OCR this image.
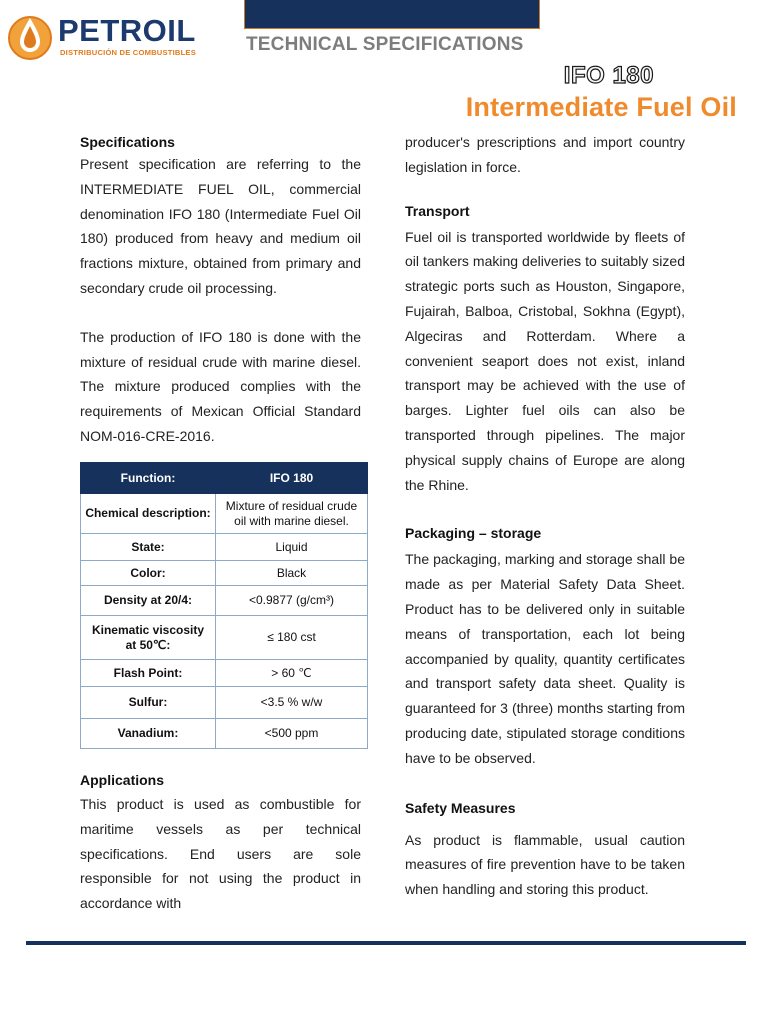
PETROIL
DISTRIBUCIÓN DE COMBUSTIBLES	TECHNICAL SPECIFICATIONS
IFO 180
Intermediate Fuel Oil
Specifications

Present specification are referring to the INTERMEDIATE FUEL OIL, commercial denomination IFO 180 (Intermediate Fuel Oil 180) produced from heavy and medium oil fractions mixture, obtained from primary and secondary crude oil processing.

The production of IFO 180 is done with the mixture of residual crude with marine diesel. The mixture produced complies with the requirements of Mexican Official Standard NOM-016-CRE-2016.

Function:	IFO 180
Chemical description:	Mixture of residual crude oil with marine diesel.
State:	Liquid
Color:	Black
Density at 20/4:	<0.9877 (g/cm³)
Kinematic viscosity at 50℃:	≤ 180 cst
Flash Point:	> 60 ℃
Sulfur:	<3.5 % w/w
Vanadium:	<500 ppm
Applications

This product is used as combustible for maritime vessels as per technical specifications. End users are sole responsible for not using the product in accordance with

producer's prescriptions and import country legislation in force.

Transport

Fuel oil is transported worldwide by fleets of oil tankers making deliveries to suitably sized strategic ports such as Houston, Singapore, Fujairah, Balboa, Cristobal, Sokhna (Egypt), Algeciras and Rotterdam. Where a convenient seaport does not exist, inland transport may be achieved with the use of barges. Lighter fuel oils can also be transported through pipelines. The major physical supply chains of Europe are along the Rhine.

Packaging – storage

The packaging, marking and storage shall be made as per Material Safety Data Sheet. Product has to be delivered only in suitable means of transportation, each lot being accompanied by quality, quantity certificates and transport safety data sheet. Quality is guaranteed for 3 (three) months starting from producing date, stipulated storage conditions have to be observed.

Safety Measures

As product is flammable, usual caution measures of fire prevention have to be taken when handling and storing this product.
